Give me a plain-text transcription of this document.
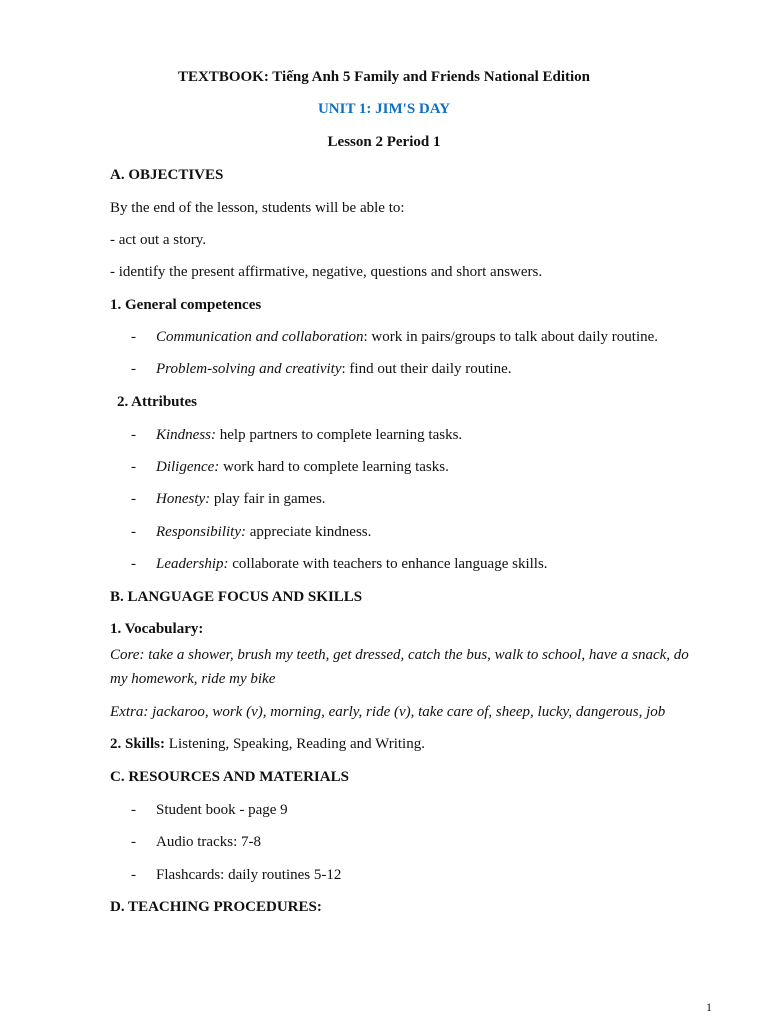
TEXTBOOK: Tiếng Anh 5 Family and Friends National Edition
UNIT 1: JIM'S DAY
Lesson 2 Period 1
A. OBJECTIVES
By the end of the lesson, students will be able to:
- act out a story.
- identify the present affirmative, negative, questions and short answers.
1. General competences
- Communication and collaboration: work in pairs/groups to talk about daily routine.
- Problem-solving and creativity: find out their daily routine.
2. Attributes
- Kindness: help partners to complete learning tasks.
- Diligence: work hard to complete learning tasks.
- Honesty: play fair in games.
- Responsibility: appreciate kindness.
- Leadership: collaborate with teachers to enhance language skills.
B. LANGUAGE FOCUS AND SKILLS
1. Vocabulary:
Core: take a shower, brush my teeth, get dressed, catch the bus, walk to school, have a snack, do
my homework, ride my bike
Extra: jackaroo, work (v), morning, early, ride (v), take care of, sheep, lucky, dangerous, job
2. Skills: Listening, Speaking, Reading and Writing.
C. RESOURCES AND MATERIALS
- Student book - page 9
- Audio tracks: 7-8
- Flashcards: daily routines 5-12
D. TEACHING PROCEDURES:
1
